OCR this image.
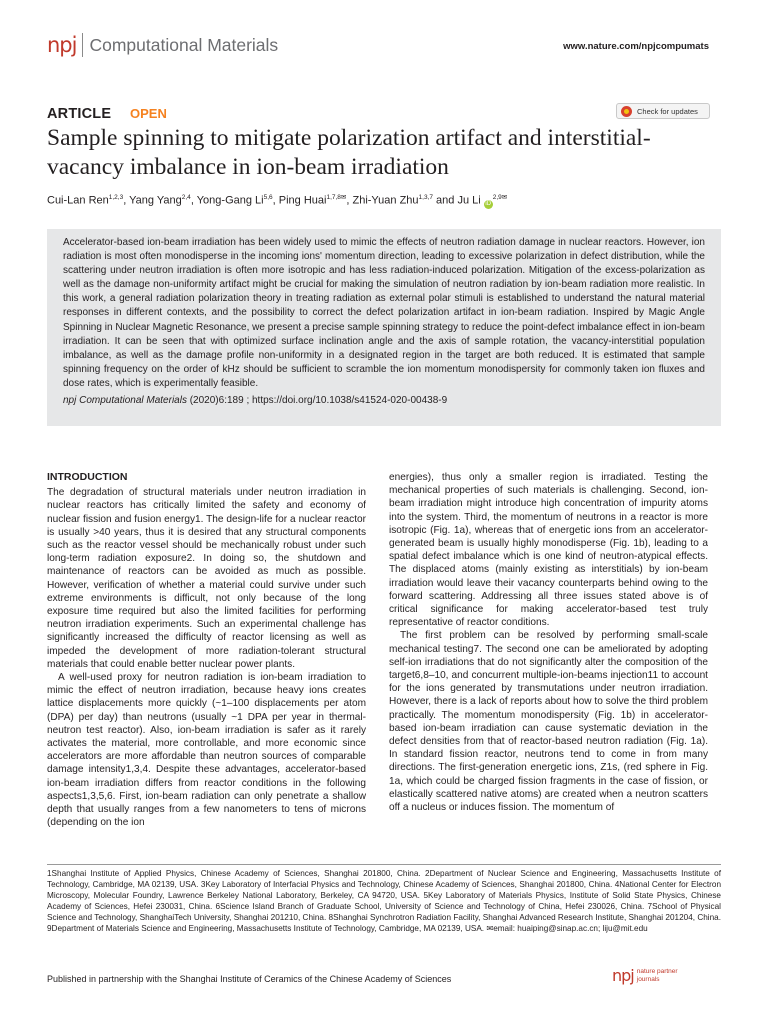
npj Computational Materials	www.nature.com/npjcompumats
ARTICLE OPEN	Check for updates
Sample spinning to mitigate polarization artifact and interstitial-vacancy imbalance in ion-beam irradiation
Cui-Lan Ren$^{1,2,3}$, Yang Yang$^{2,4}$, Yong-Gang Li$^{5,6}$, Ping Huai$^{1,7,8✉}$, Zhi-Yuan Zhu$^{1,3,7}$ and Ju Li $iD^{2,9✉}$
Accelerator-based ion-beam irradiation has been widely used to mimic the effects of neutron radiation damage in nuclear reactors. However, ion radiation is most often monodisperse in the incoming ions' momentum direction, leading to excessive polarization in defect distribution, while the scattering under neutron irradiation is often more isotropic and has less radiation-induced polarization. Mitigation of the excess-polarization as well as the damage non-uniformity artifact might be crucial for making the simulation of neutron radiation by ion-beam radiation more realistic. In this work, a general radiation polarization theory in treating radiation as external polar stimuli is established to understand the natural material responses in different contexts, and the possibility to correct the defect polarization artifact in ion-beam radiation. Inspired by Magic Angle Spinning in Nuclear Magnetic Resonance, we present a precise sample spinning strategy to reduce the point-defect imbalance effect in ion-beam irradiation. It can be seen that with optimized surface inclination angle and the axis of sample rotation, the vacancy-interstitial population imbalance, as well as the damage profile non-uniformity in a designated region in the target are both reduced. It is estimated that sample spinning frequency on the order of kHz should be sufficient to scramble the ion momentum monodispersity for commonly taken ion fluxes and dose rates, which is experimentally feasible.
npj Computational Materials (2020)6:189 ; https://doi.org/10.1038/s41524-020-00438-9
INTRODUCTION

The degradation of structural materials under neutron irradiation in nuclear reactors has critically limited the safety and economy of nuclear fission and fusion energy1. The design-life for a nuclear reactor is usually >40 years, thus it is desired that any structural components such as the reactor vessel should be mechanically robust under such long-term radiation exposure2. In doing so, the shutdown and maintenance of reactors can be avoided as much as possible. However, verification of whether a material could survive under such extreme environments is difficult, not only because of the long exposure time required but also the limited facilities for performing neutron irradiation experiments. Such an experimental challenge has significantly increased the difficulty of reactor licensing as well as impeded the development of more radiation-tolerant structural materials that could enable better nuclear power plants.

A well-used proxy for neutron radiation is ion-beam irradiation to mimic the effect of neutron irradiation, because heavy ions creates lattice displacements more quickly (~1–100 displacements per atom (DPA) per day) than neutrons (usually ~1 DPA per year in thermal-neutron test reactor). Also, ion-beam irradiation is safer as it rarely activates the material, more controllable, and more economic since accelerators are more affordable than neutron sources of comparable damage intensity1,3,4. Despite these advantages, accelerator-based ion-beam irradiation differs from reactor conditions in the following aspects1,3,5,6. First, ion-beam radiation can only penetrate a shallow depth that usually ranges from a few nanometers to tens of microns (depending on the ion

energies), thus only a smaller region is irradiated. Testing the mechanical properties of such materials is challenging. Second, ion-beam irradiation might introduce high concentration of impurity atoms into the system. Third, the momentum of neutrons in a reactor is more isotropic (Fig. 1a), whereas that of energetic ions from an accelerator-generated beam is usually highly monodisperse (Fig. 1b), leading to a spatial defect imbalance which is one kind of neutron-atypical effects. The displaced atoms (mainly existing as interstitials) by ion-beam irradiation would leave their vacancy counterparts behind owing to the forward scattering. Addressing all three issues stated above is of critical significance for making accelerator-based test truly representative of reactor conditions.

The first problem can be resolved by performing small-scale mechanical testing7. The second one can be ameliorated by adopting self-ion irradiations that do not significantly alter the composition of the target6,8–10, and concurrent multiple-ion-beams injection11 to account for the ions generated by transmutations under neutron irradiation. However, there is a lack of reports about how to solve the third problem practically. The momentum monodispersity (Fig. 1b) in accelerator-based ion-beam irradiation can cause systematic deviation in the defect densities from that of reactor-based neutron radiation (Fig. 1a). In standard fission reactor, neutrons tend to come in from many directions. The first-generation energetic ions, Z1s, (red sphere in Fig. 1a, which could be charged fission fragments in the case of fission, or elastically scattered native atoms) are created when a neutron scatters off a nucleus or induces fission. The momentum of

1Shanghai Institute of Applied Physics, Chinese Academy of Sciences, Shanghai 201800, China. 2Department of Nuclear Science and Engineering, Massachusetts Institute of Technology, Cambridge, MA 02139, USA. 3Key Laboratory of Interfacial Physics and Technology, Chinese Academy of Sciences, Shanghai 201800, China. 4National Center for Electron Microscopy, Molecular Foundry, Lawrence Berkeley National Laboratory, Berkeley, CA 94720, USA. 5Key Laboratory of Materials Physics, Institute of Solid State Physics, Chinese Academy of Sciences, Hefei 230031, China. 6Science Island Branch of Graduate School, University of Science and Technology of China, Hefei 230026, China. 7School of Physical Science and Technology, ShanghaiTech University, Shanghai 201210, China. 8Shanghai Synchrotron Radiation Facility, Shanghai Advanced Research Institute, Shanghai 201204, China. 9Department of Materials Science and Engineering, Massachusetts Institute of Technology, Cambridge, MA 02139, USA. ✉email: huaiping@sinap.ac.cn; liju@mit.edu
Published in partnership with the Shanghai Institute of Ceramics of the Chinese Academy of Sciences	npj nature partner
journals
